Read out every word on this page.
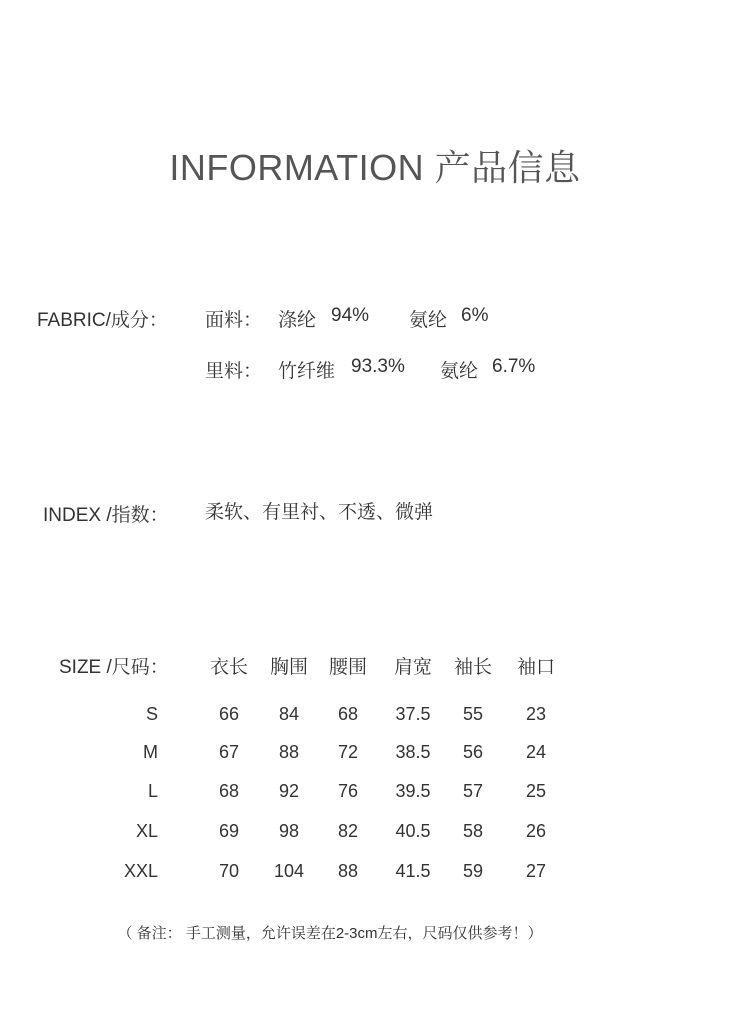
INFORMATION 产品信息
FABRIC/成分： 面料： 涤纶 94% 氨纶 6%
里料： 竹纤维 93.3% 氨纶 6.7%
INDEX /指数： 柔软、有里衬、不透、微弹
SIZE /尺码：	衣长	胸围	腰围	肩宽	袖长	袖口
S	66	84	68	37.5	55	23
M	67	88	72	38.5	56	24
L	68	92	76	39.5	57	25
XL	69	98	82	40.5	58	26
XXL	70	104	88	41.5	59	27
（ 备注： 手工测量，允许误差在2-3cm左右，尺码仅供参考！）
